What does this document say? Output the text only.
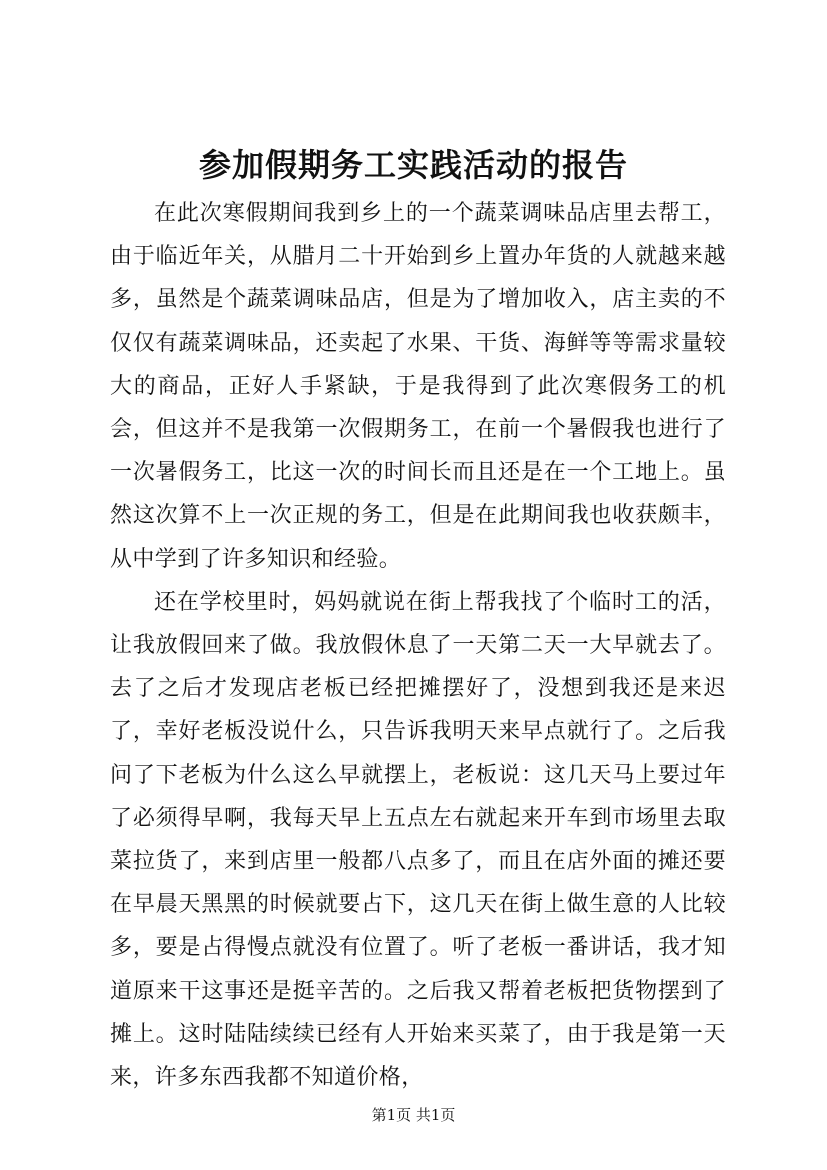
参加假期务工实践活动的报告

在此次寒假期间我到乡上的一个蔬菜调味品店里去帮工，由于临近年关，从腊月二十开始到乡上置办年货的人就越来越多，虽然是个蔬菜调味品店，但是为了增加收入，店主卖的不仅仅有蔬菜调味品，还卖起了水果、干货、海鲜等等需求量较大的商品，正好人手紧缺，于是我得到了此次寒假务工的机会，但这并不是我第一次假期务工，在前一个暑假我也进行了一次暑假务工，比这一次的时间长而且还是在一个工地上。虽然这次算不上一次正规的务工，但是在此期间我也收获颇丰，从中学到了许多知识和经验。

还在学校里时，妈妈就说在街上帮我找了个临时工的活，让我放假回来了做。我放假休息了一天第二天一大早就去了。去了之后才发现店老板已经把摊摆好了，没想到我还是来迟了，幸好老板没说什么，只告诉我明天来早点就行了。之后我问了下老板为什么这么早就摆上，老板说：这几天马上要过年了必须得早啊，我每天早上五点左右就起来开车到市场里去取菜拉货了，来到店里一般都八点多了，而且在店外面的摊还要在早晨天黑黑的时候就要占下，这几天在街上做生意的人比较多，要是占得慢点就没有位置了。听了老板一番讲话，我才知道原来干这事还是挺辛苦的。之后我又帮着老板把货物摆到了摊上。这时陆陆续续已经有人开始来买菜了，由于我是第一天来，许多东西我都不知道价格，

第1页 共1页
